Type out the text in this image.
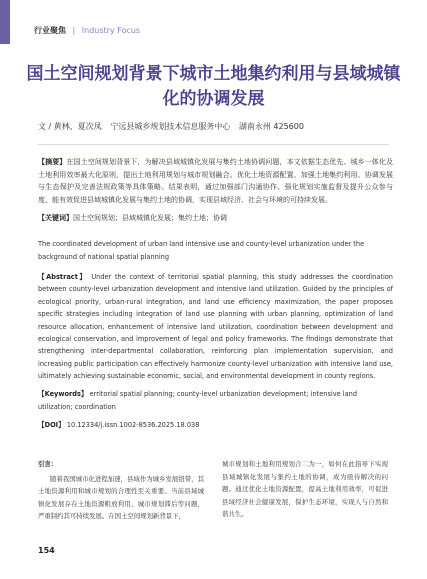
行业聚焦 | Industry Focus
国土空间规划背景下城市土地集约利用与县域城镇化的协调发展
文 / 黄林、夏次凤 宁远县城乡规划技术信息服务中心 湖南永州 425600
【摘要】在国土空间规划背景下，为解决县域城镇化发展与集约土地协调问题，本文依据生态优先、城乡一体化及土地利用效率最大化原则，提出土地利用规划与城市规划融合、优化土地资源配置、加强土地集约利用、协调发展与生态保护及完善法规政策等具体策略。结果表明，通过加强部门沟通协作、强化规划实施监督及提升公众参与度，能有效促进县域城镇化发展与集约土地的协调，实现县域经济、社会与环境的可持续发展。
【关键词】国土空间规划；县域城镇化发展；集约土地；协调
The coordinated development of urban land intensive use and county-level urbanization under the background of national spatial planning
【Abstract】 Under the context of territorial spatial planning, this study addresses the coordination between county-level urbanization development and intensive land utilization. Guided by the principles of ecological priority, urban-rural integration, and land use efficiency maximization, the paper proposes specific strategies including integration of land use planning with urban planning, optimization of land resource allocation, enhancement of intensive land utilization, coordination between development and ecological conservation, and improvement of legal and policy frameworks. The findings demonstrate that strengthening inter-departmental collaboration, reinforcing plan implementation supervision, and increasing public participation can effectively harmonize county-level urbanization with intensive land use, ultimately achieving sustainable economic, social, and environmental development in county regions.
【Keywords】 erritorial spatial planning; county-level urbanization development; intensive land utilization; coordination
【DOI】 10.12334/j.issn.1002-8536.2025.18.038
引言：
随着我国城市化进程加速，县域作为城乡发展纽带，其土地资源利用和城市规划的合理性至关重要。当前县域城镇化发展存在土地资源粗放利用、城市规划滞后等问题，严重制约其可持续发展。在国土空间规划新背景下，
城市规划和土地利用规划合二为一，如何在此指导下实现县域城镇化发展与集约土地的协调，成为亟待解决的问题。通过优化土地资源配置，提高土地利用效率，可促进县域经济社会健康发展，保护生态环境，实现人与自然和谐共生。
154
